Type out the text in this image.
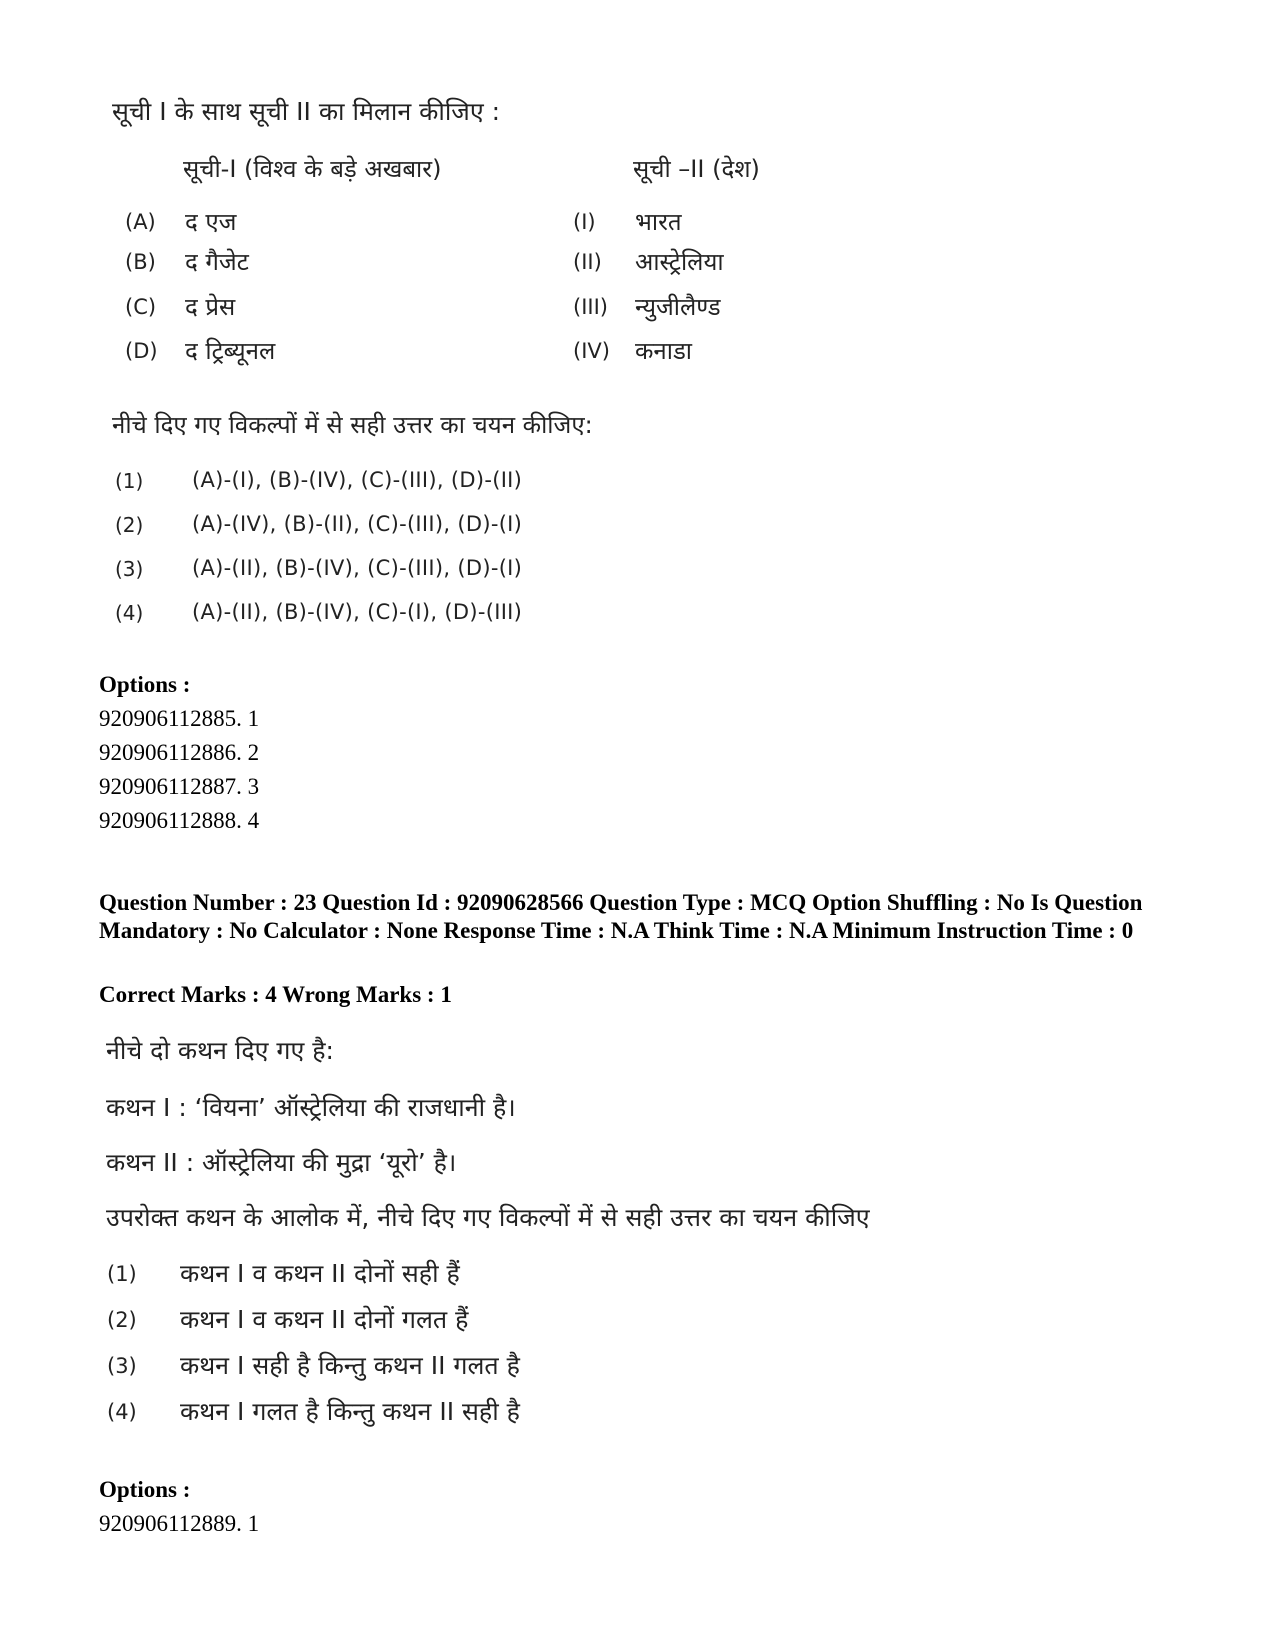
सूची I के साथ सूची II का मिलान कीजिए :
सूची-I (विश्व के बड़े अखबार)	सूची –II (देश)
(A) द एज	(I) भारत
(B) द गैजेट	(II) आस्ट्रेलिया
(C) द प्रेस	(III) न्युजीलैण्ड
(D) द ट्रिब्यूनल	(IV) कनाडा
नीचे दिए गए विकल्पों में से सही उत्तर का चयन कीजिए:
(1) (A)-(I), (B)-(IV), (C)-(III), (D)-(II)
(2) (A)-(IV), (B)-(II), (C)-(III), (D)-(I)
(3) (A)-(II), (B)-(IV), (C)-(III), (D)-(I)
(4) (A)-(II), (B)-(IV), (C)-(I), (D)-(III)
Options :
920906112885. 1
920906112886. 2
920906112887. 3
920906112888. 4
Question Number : 23 Question Id : 92090628566 Question Type : MCQ Option Shuffling : No Is Question Mandatory : No Calculator : None Response Time : N.A Think Time : N.A Minimum Instruction Time : 0
Correct Marks : 4 Wrong Marks : 1
नीचे दो कथन दिए गए है:
कथन I : ‘वियना’ ऑस्ट्रेलिया की राजधानी है।
कथन II : ऑस्ट्रेलिया की मुद्रा ‘यूरो’ है।
उपरोक्त कथन के आलोक में, नीचे दिए गए विकल्पों में से सही उत्तर का चयन कीजिए
(1) कथन I व कथन II दोनों सही हैं
(2) कथन I व कथन II दोनों गलत हैं
(3) कथन I सही है किन्तु कथन II गलत है
(4) कथन I गलत है किन्तु कथन II सही है
Options :
920906112889. 1
